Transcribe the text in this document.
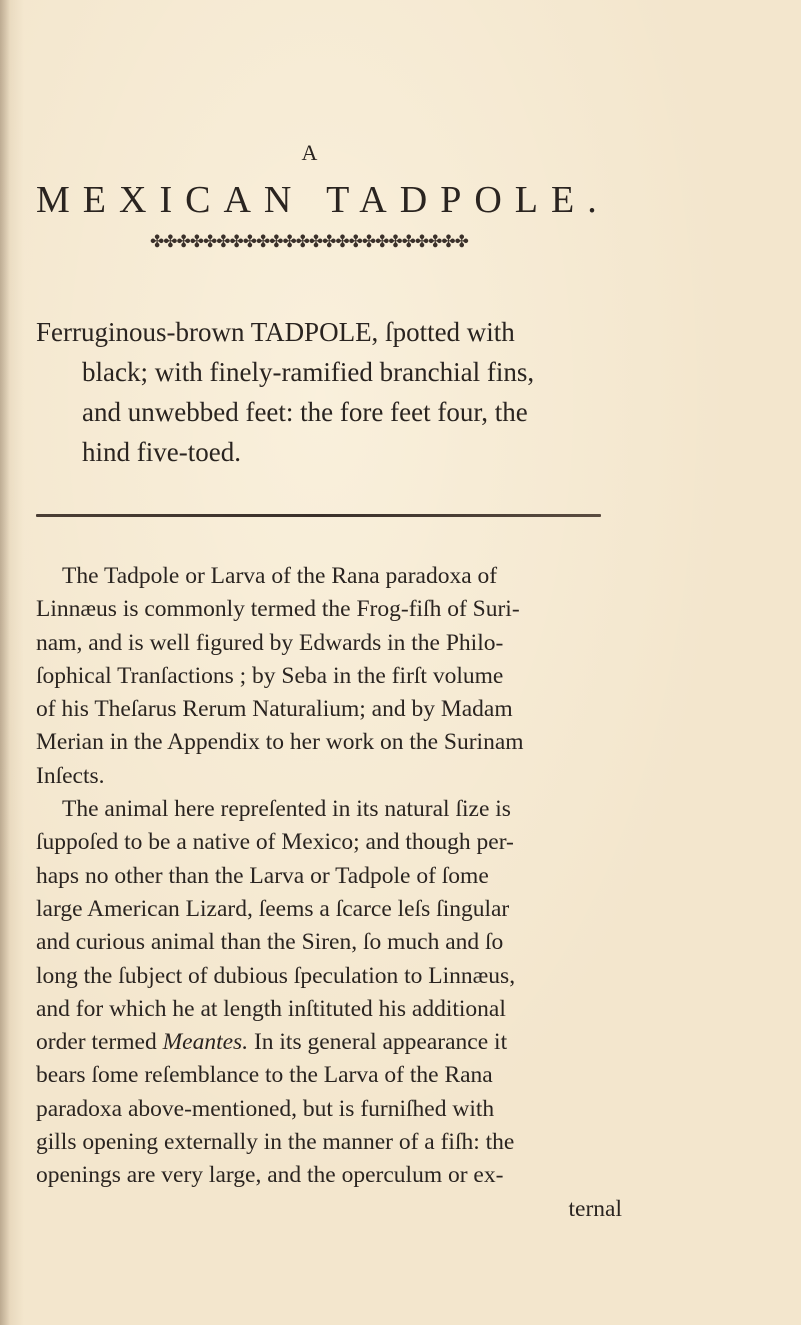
A
MEXICAN TADPOLE.
✤✤✤✤✤✤✤✤✤✤✤✤✤✤✤✤✤✤✤✤✤✤✤✤
Ferruginous-brown TADPOLE, ſpotted with
black; with finely-ramified branchial fins,
and unwebbed feet: the fore feet four, the
hind five-toed.
The Tadpole or Larva of the Rana paradoxa of
Linnæus is commonly termed the Frog-fiſh of Suri-
nam, and is well figured by Edwards in the Philo-
ſophical Tranſactions ; by Seba in the firſt volume
of his Theſarus Rerum Naturalium; and by Madam
Merian in the Appendix to her work on the Surinam
Inſects.
The animal here repreſented in its natural ſize is
ſuppoſed to be a native of Mexico; and though per-
haps no other than the Larva or Tadpole of ſome
large American Lizard, ſeems a ſcarce leſs ſingular
and curious animal than the Siren, ſo much and ſo
long the ſubject of dubious ſpeculation to Linnæus,
and for which he at length inſtituted his additional
order termed Meantes. In its general appearance it
bears ſome reſemblance to the Larva of the Rana
paradoxa above-mentioned, but is furniſhed with
gills opening externally in the manner of a fiſh: the
openings are very large, and the operculum or ex-
ternal
